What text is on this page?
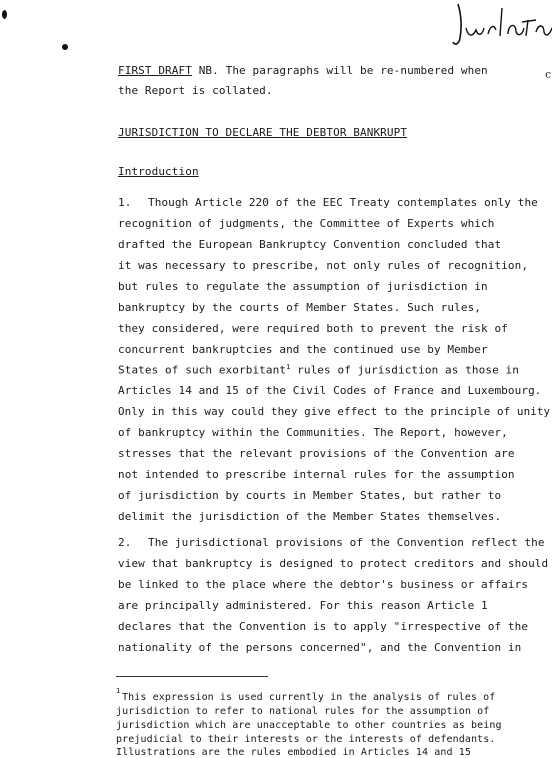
c
FIRST DRAFT NB. The paragraphs will be re-numbered when
the Report is collated.
JURISDICTION TO DECLARE THE DEBTOR BANKRUPT
Introduction
1. Though Article 220 of the EEC Treaty contemplates only the
recognition of judgments, the Committee of Experts which
drafted the European Bankruptcy Convention concluded that
it was necessary to prescribe, not only rules of recognition,
but rules to regulate the assumption of jurisdiction in
bankruptcy by the courts of Member States. Such rules,
they considered, were required both to prevent the risk of
concurrent bankruptcies and the continued use by Member
States of such exorbitant$^1$ rules of jurisdiction as those in
Articles 14 and 15 of the Civil Codes of France and Luxembourg.
Only in this way could they give effect to the principle of unity
of bankruptcy within the Communities. The Report, however,
stresses that the relevant provisions of the Convention are
not intended to prescribe internal rules for the assumption
of jurisdiction by courts in Member States, but rather to
delimit the jurisdiction of the Member States themselves.
2. The jurisdictional provisions of the Convention reflect the
view that bankruptcy is designed to protect creditors and should
be linked to the place where the debtor's business or affairs
are principally administered. For this reason Article 1
declares that the Convention is to apply "irrespective of the
nationality of the persons concerned", and the Convention in
1
This expression is used currently in the analysis of rules of
jurisdiction to refer to national rules for the assumption of
jurisdiction which are unacceptable to other countries as being
prejudicial to their interests or the interests of defendants.
Illustrations are the rules embodied in Articles 14 and 15
